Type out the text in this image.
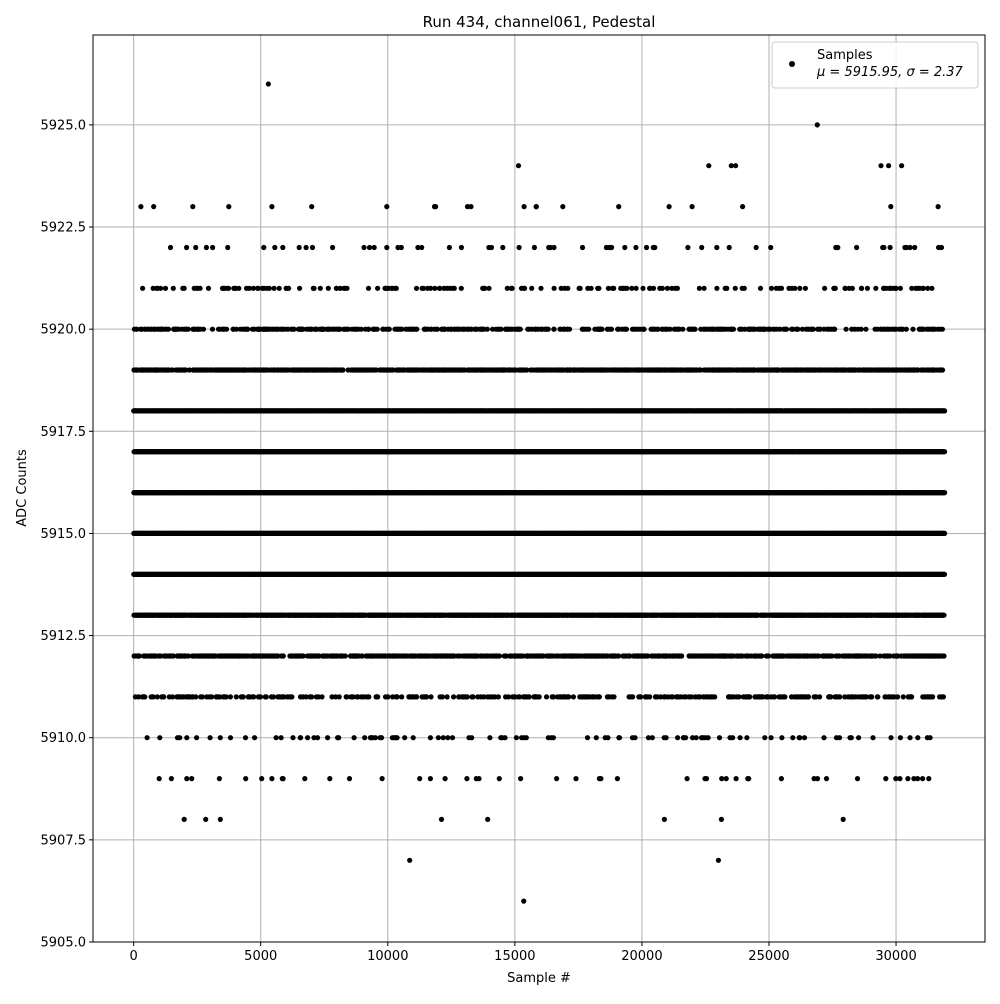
0	5000	10000	15000	20000	25000	30000
5905.0
5907.5
5910.0
5912.5
5915.0
5917.5
5920.0
5922.5
5925.0
Run 434, channel061, Pedestal
Sample #
ADC Counts
Samples
μ = 5915.95, σ = 2.37
